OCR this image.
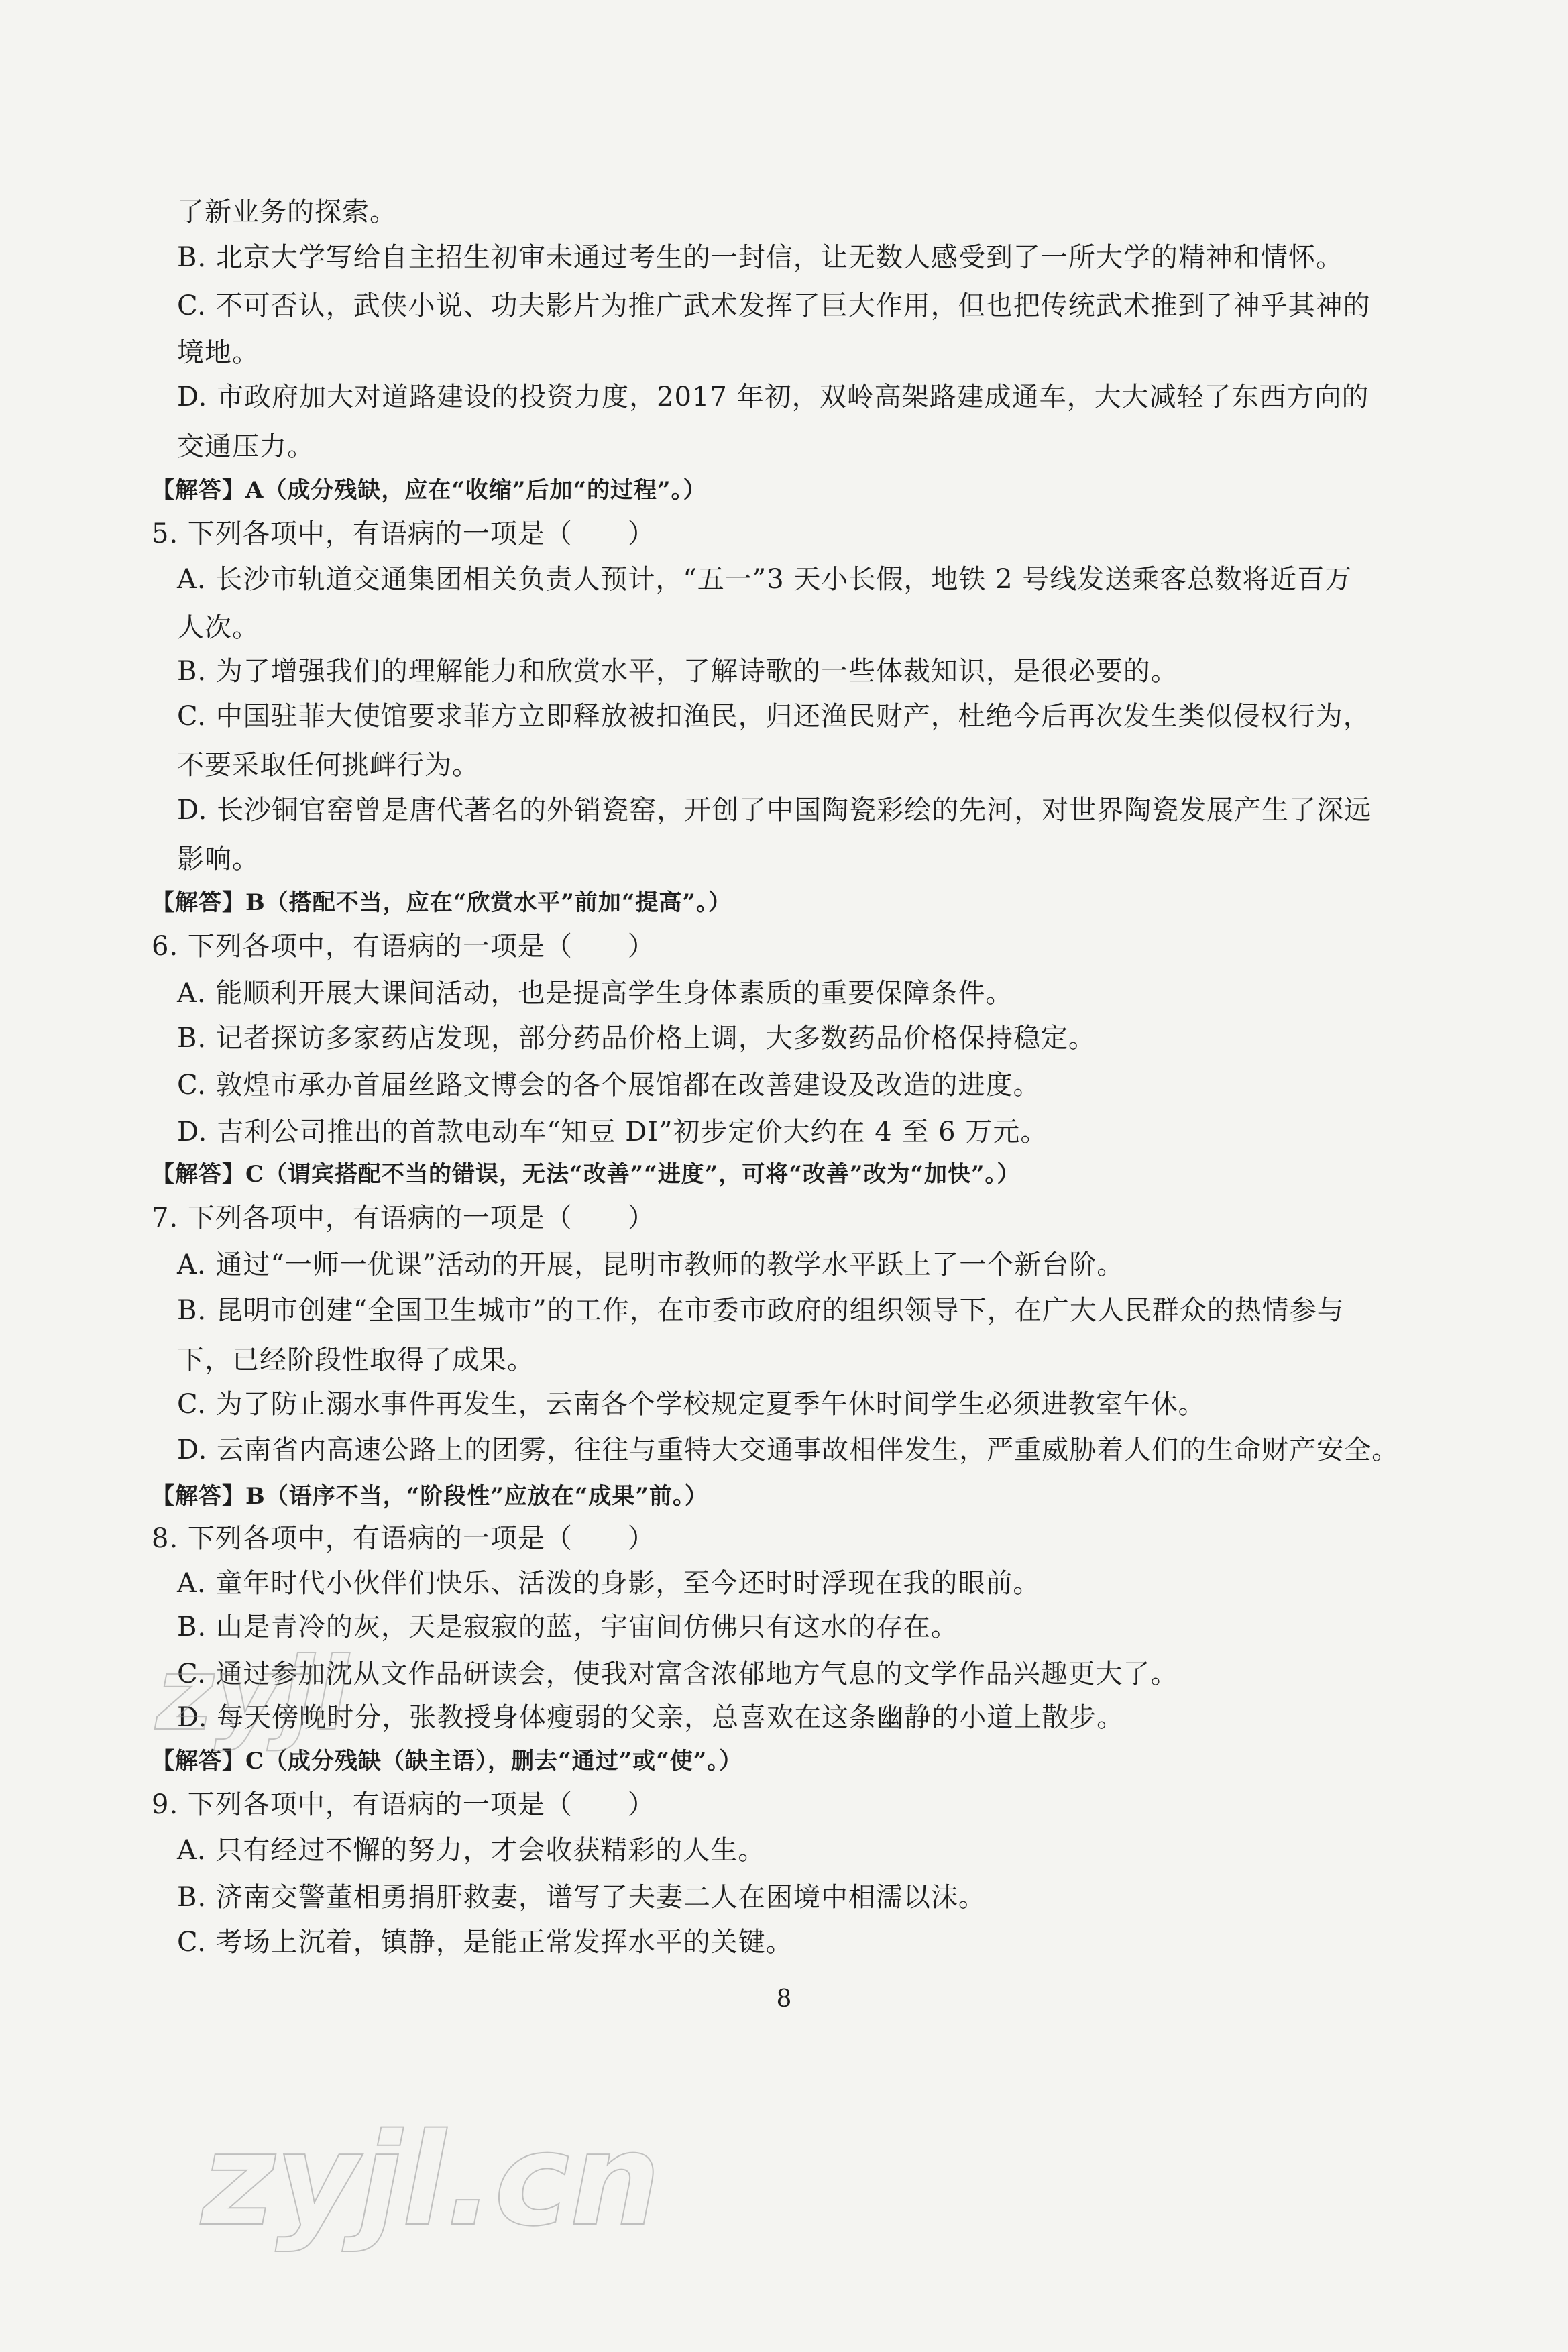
了新业务的探索。
B. 北京大学写给自主招生初审未通过考生的一封信，让无数人感受到了一所大学的精神和情怀。
C. 不可否认，武侠小说、功夫影片为推广武术发挥了巨大作用，但也把传统武术推到了神乎其神的
境地。
D. 市政府加大对道路建设的投资力度，2017 年初，双岭高架路建成通车，大大减轻了东西方向的
交通压力。
【解答】A（成分残缺，应在“收缩”后加“的过程”。）
5. 下列各项中，有语病的一项是（　　）
A. 长沙市轨道交通集团相关负责人预计，“五一”3 天小长假，地铁 2 号线发送乘客总数将近百万
人次。
B. 为了增强我们的理解能力和欣赏水平，了解诗歌的一些体裁知识，是很必要的。
C. 中国驻菲大使馆要求菲方立即释放被扣渔民，归还渔民财产，杜绝今后再次发生类似侵权行为，
不要采取任何挑衅行为。
D. 长沙铜官窑曾是唐代著名的外销瓷窑，开创了中国陶瓷彩绘的先河，对世界陶瓷发展产生了深远
影响。
【解答】B（搭配不当，应在“欣赏水平”前加“提高”。）
6. 下列各项中，有语病的一项是（　　）
A. 能顺利开展大课间活动，也是提高学生身体素质的重要保障条件。
B. 记者探访多家药店发现，部分药品价格上调，大多数药品价格保持稳定。
C. 敦煌市承办首届丝路文博会的各个展馆都在改善建设及改造的进度。
D. 吉利公司推出的首款电动车“知豆 DI”初步定价大约在 4 至 6 万元。
【解答】C（谓宾搭配不当的错误，无法“改善”“进度”，可将“改善”改为“加快”。）
7. 下列各项中，有语病的一项是（　　）
A. 通过“一师一优课”活动的开展，昆明市教师的教学水平跃上了一个新台阶。
B. 昆明市创建“全国卫生城市”的工作，在市委市政府的组织领导下，在广大人民群众的热情参与
下，已经阶段性取得了成果。
C. 为了防止溺水事件再发生，云南各个学校规定夏季午休时间学生必须进教室午休。
D. 云南省内高速公路上的团雾，往往与重特大交通事故相伴发生，严重威胁着人们的生命财产安全。
【解答】B（语序不当，“阶段性”应放在“成果”前。）
8. 下列各项中，有语病的一项是（　　）
A. 童年时代小伙伴们快乐、活泼的身影，至今还时时浮现在我的眼前。
B. 山是青冷的灰，天是寂寂的蓝，宇宙间仿佛只有这水的存在。
C. 通过参加沈从文作品研读会，使我对富含浓郁地方气息的文学作品兴趣更大了。
D. 每天傍晚时分，张教授身体瘦弱的父亲，总喜欢在这条幽静的小道上散步。
【解答】C（成分残缺（缺主语），删去“通过”或“使”。）
9. 下列各项中，有语病的一项是（　　）
A. 只有经过不懈的努力，才会收获精彩的人生。
B. 济南交警董相勇捐肝救妻，谱写了夫妻二人在困境中相濡以沫。
C. 考场上沉着，镇静，是能正常发挥水平的关键。
8
zyjl
zyjl.cn
